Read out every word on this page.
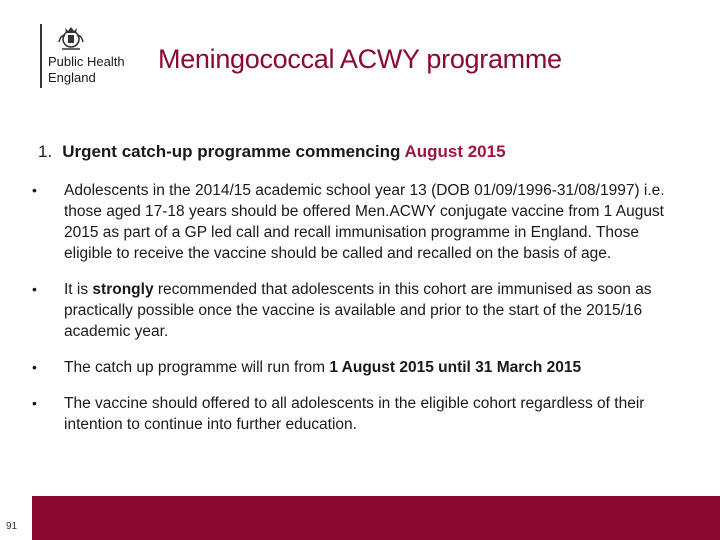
Public Health
England
Meningococcal ACWY programme
1. Urgent catch-up programme commencing August 2015
• Adolescents in the 2014/15 academic school year 13 (DOB 01/09/1996-31/08/1997) i.e. those aged 17-18 years should be offered Men.ACWY conjugate vaccine from 1 August 2015 as part of a GP led call and recall immunisation programme in England. Those eligible to receive the vaccine should be called and recalled on the basis of age.
• It is strongly recommended that adolescents in this cohort are immunised as soon as practically possible once the vaccine is available and prior to the start of the 2015/16 academic year.
• The catch up programme will run from 1 August 2015 until 31 March 2015
• The vaccine should offered to all adolescents in the eligible cohort regardless of their intention to continue into further education.
91
